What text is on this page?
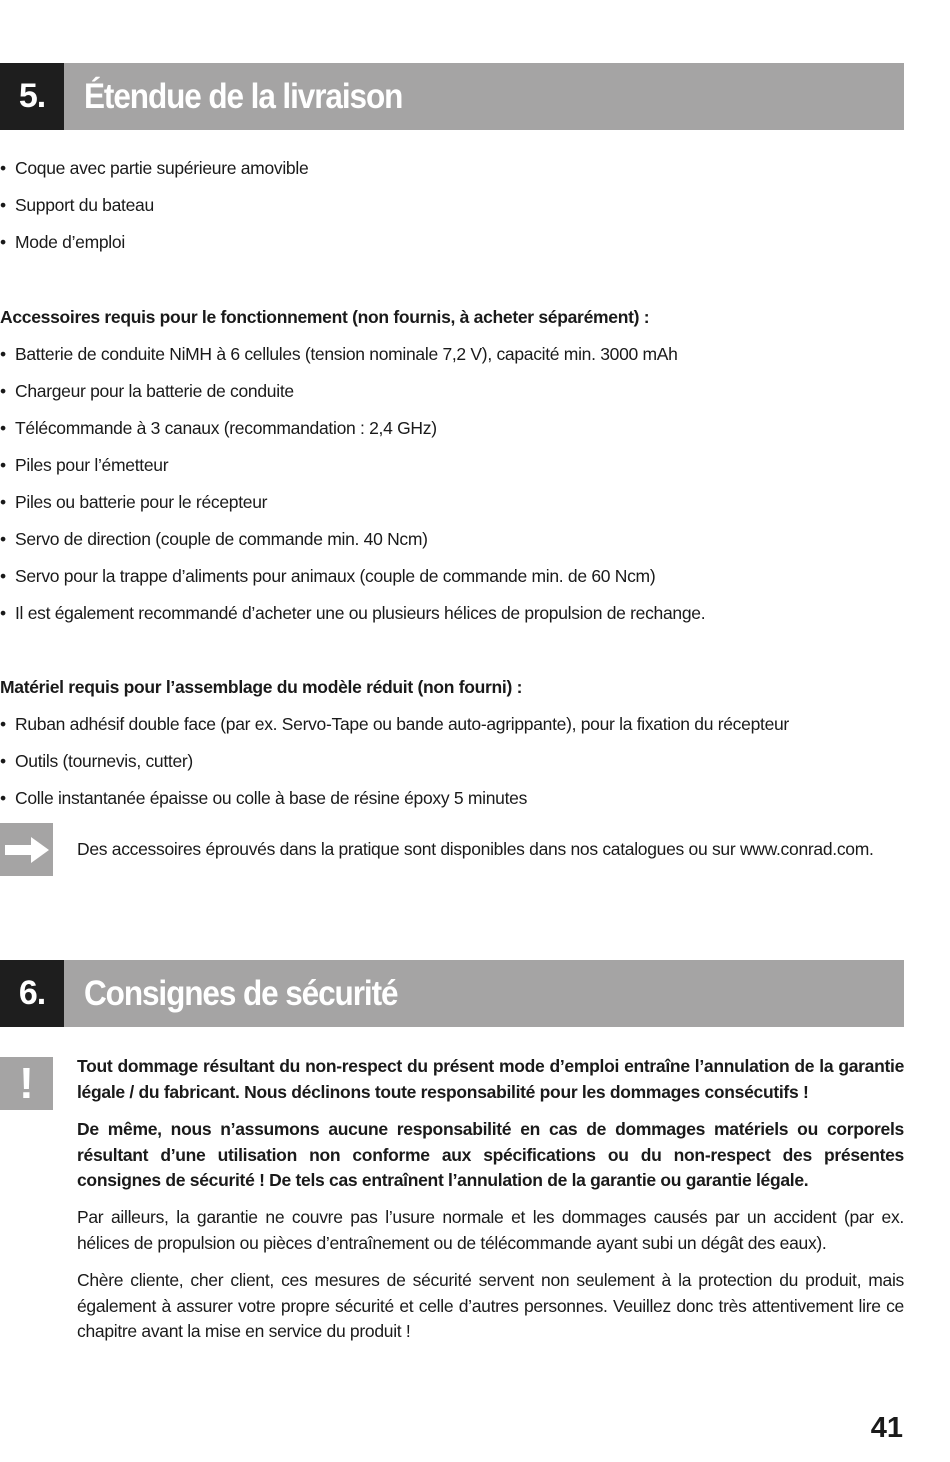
5.	Étendue de la livraison
• Coque avec partie supérieure amovible
• Support du bateau
• Mode d’emploi
Accessoires requis pour le fonctionnement (non fournis, à acheter séparément) :
• Batterie de conduite NiMH à 6 cellules (tension nominale 7,2 V), capacité min. 3000 mAh
• Chargeur pour la batterie de conduite
• Télécommande à 3 canaux (recommandation : 2,4 GHz)
• Piles pour l’émetteur
• Piles ou batterie pour le récepteur
• Servo de direction (couple de commande min. 40 Ncm)
• Servo pour la trappe d’aliments pour animaux (couple de commande min. de 60 Ncm)
• Il est également recommandé d’acheter une ou plusieurs hélices de propulsion de rechange.
Matériel requis pour l’assemblage du modèle réduit (non fourni) :
• Ruban adhésif double face (par ex. Servo-Tape ou bande auto-agrippante), pour la fixation du récepteur
• Outils (tournevis, cutter)
• Colle instantanée épaisse ou colle à base de résine époxy 5 minutes

Des accessoires éprouvés dans la pratique sont disponibles dans nos catalogues ou sur www.conrad.com.

6.	Consignes de sécurité
!	Tout dommage résultant du non-respect du présent mode d’emploi entraîne l’annulation de la garantie légale / du fabricant. Nous déclinons toute responsabilité pour les dommages consécutifs !

De même, nous n’assumons aucune responsabilité en cas de dommages matériels ou corporels résultant d’une utilisation non conforme aux spécifications ou du non-respect des présentes consignes de sécurité ! De tels cas entraînent l’annulation de la garantie ou garantie légale.

Par ailleurs, la garantie ne couvre pas l’usure normale et les dommages causés par un accident (par ex. hélices de propulsion ou pièces d’entraînement ou de télécommande ayant subi un dégât des eaux).

Chère cliente, cher client, ces mesures de sécurité servent non seulement à la protection du produit, mais également à assurer votre propre sécurité et celle d’autres personnes. Veuillez donc très attentivement lire ce chapitre avant la mise en service du produit !

41
